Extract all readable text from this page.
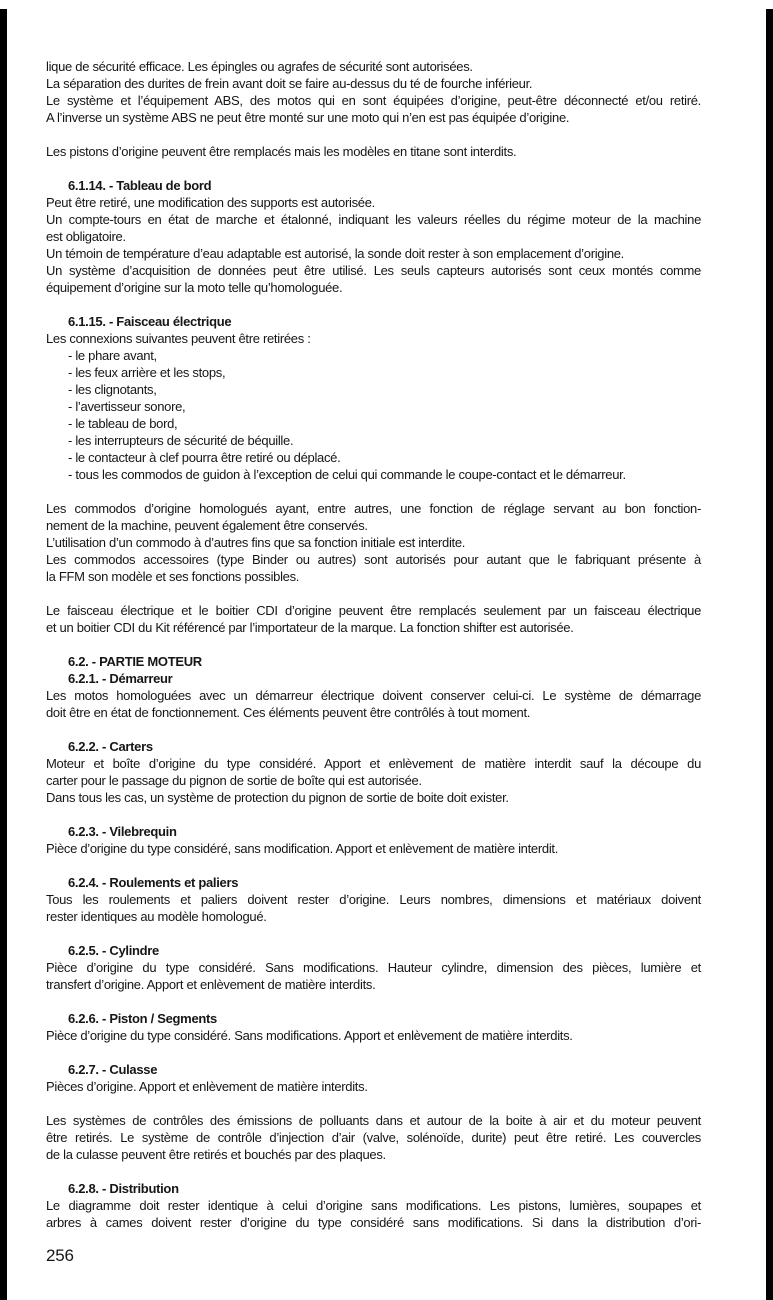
lique de sécurité efficace. Les épingles ou agrafes de sécurité sont autorisées.
La séparation des durites de frein avant doit se faire au-dessus du té de fourche inférieur.
Le système et l’équipement ABS, des motos qui en sont équipées d’origine, peut-être déconnecté et/ou retiré.
A l’inverse un système ABS ne peut être monté sur une moto qui n’en est pas équipée d’origine.
Les pistons d’origine peuvent être remplacés mais les modèles en titane sont interdits.
6.1.14. - Tableau de bord
Peut être retiré, une modification des supports est autorisée.
Un compte-tours en état de marche et étalonné, indiquant les valeurs réelles du régime moteur de la machine
est obligatoire.
Un témoin de température d’eau adaptable est autorisé, la sonde doit rester à son emplacement d’origine.
Un système d’acquisition de données peut être utilisé. Les seuls capteurs autorisés sont ceux montés comme
équipement d’origine sur la moto telle qu’homologuée.
6.1.15. - Faisceau électrique
Les connexions suivantes peuvent être retirées :
- le phare avant,
- les feux arrière et les stops,
- les clignotants,
- l’avertisseur sonore,
- le tableau de bord,
- les interrupteurs de sécurité de béquille.
- le contacteur à clef pourra être retiré ou déplacé.
- tous les commodos de guidon à l’exception de celui qui commande le coupe-contact et le démarreur.
Les commodos d’origine homologués ayant, entre autres, une fonction de réglage servant au bon fonction-
nement de la machine, peuvent également être conservés.
L’utilisation d’un commodo à d’autres fins que sa fonction initiale est interdite.
Les commodos accessoires (type Binder ou autres) sont autorisés pour autant que le fabriquant présente à
la FFM son modèle et ses fonctions possibles.
Le faisceau électrique et le boitier CDI d’origine peuvent être remplacés seulement par un faisceau électrique
et un boitier CDI du Kit référencé par l’importateur de la marque. La fonction shifter est autorisée.
6.2. - PARTIE MOTEUR
6.2.1. - Démarreur
Les motos homologuées avec un démarreur électrique doivent conserver celui-ci. Le système de démarrage
doit être en état de fonctionnement. Ces éléments peuvent être contrôlés à tout moment.
6.2.2. - Carters
Moteur et boîte d’origine du type considéré. Apport et enlèvement de matière interdit sauf la découpe du
carter pour le passage du pignon de sortie de boîte qui est autorisée.
Dans tous les cas, un système de protection du pignon de sortie de boite doit exister.
6.2.3. - Vilebrequin
Pièce d’origine du type considéré, sans modification. Apport et enlèvement de matière interdit.
6.2.4. - Roulements et paliers
Tous les roulements et paliers doivent rester d’origine. Leurs nombres, dimensions et matériaux doivent
rester identiques au modèle homologué.
6.2.5. - Cylindre
Pièce d’origine du type considéré. Sans modifications. Hauteur cylindre, dimension des pièces, lumière et
transfert d’origine. Apport et enlèvement de matière interdits.
6.2.6. - Piston / Segments
Pièce d’origine du type considéré. Sans modifications. Apport et enlèvement de matière interdits.
6.2.7. - Culasse
Pièces d’origine. Apport et enlèvement de matière interdits.
Les systèmes de contrôles des émissions de polluants dans et autour de la boite à air et du moteur peuvent
être retirés. Le système de contrôle d’injection d’air (valve, solénoïde, durite) peut être retiré. Les couvercles
de la culasse peuvent être retirés et bouchés par des plaques.
6.2.8. - Distribution
Le diagramme doit rester identique à celui d’origine sans modifications. Les pistons, lumières, soupapes et
arbres à cames doivent rester d’origine du type considéré sans modifications. Si dans la distribution d’ori-
256
